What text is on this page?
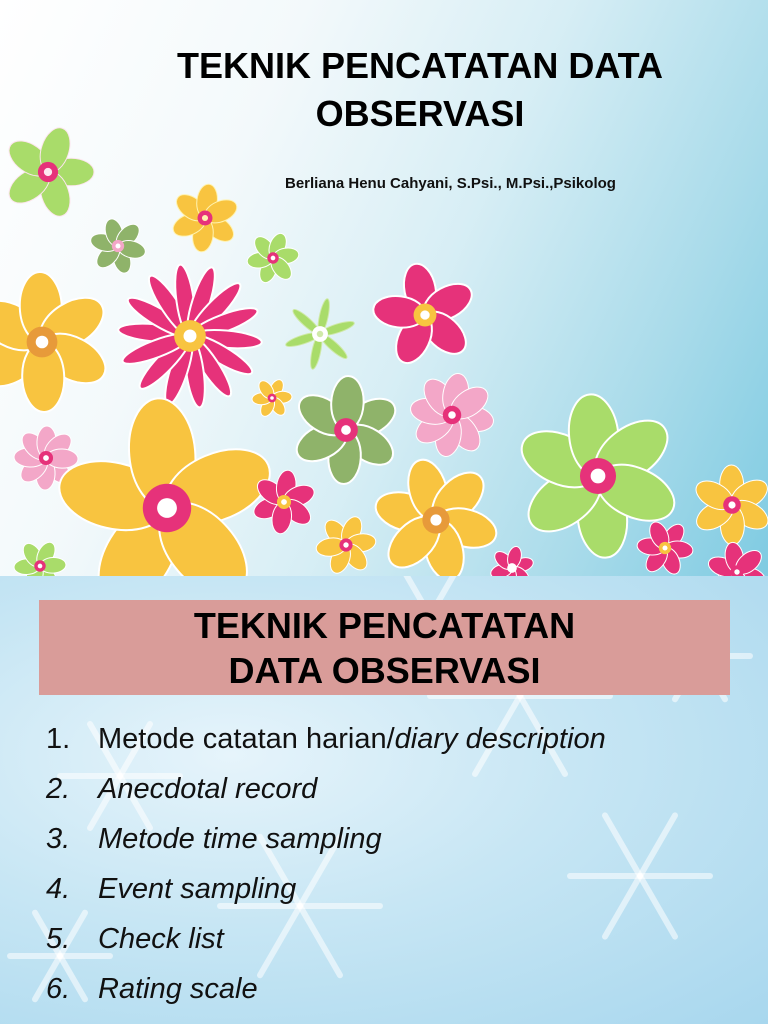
TEKNIK PENCATATAN DATA
OBSERVASI

Berliana Henu Cahyani, S.Psi., M.Psi.,Psikolog

TEKNIK PENCATATAN
DATA OBSERVASI
1. Metode catatan harian/diary description
2. Anecdotal record
3. Metode time sampling
4. Event sampling
5. Check list
6. Rating scale
